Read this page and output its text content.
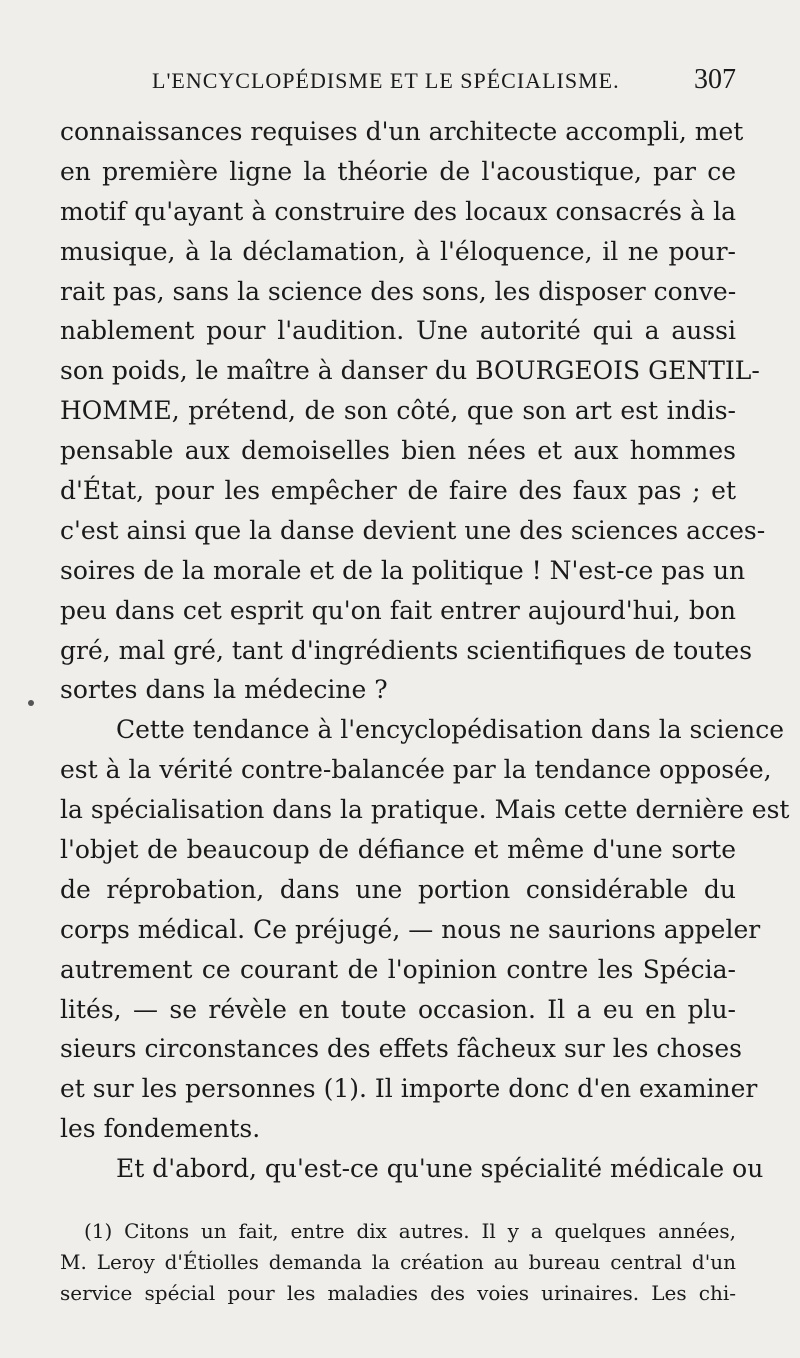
L'ENCYCLOPÉDISME ET LE SPÉCIALISME.	307
connaissances requises d'un architecte accompli, met
en première ligne la théorie de l'acoustique, par ce
motif qu'ayant à construire des locaux consacrés à la
musique, à la déclamation, à l'éloquence, il ne pour-
rait pas, sans la science des sons, les disposer conve-
nablement pour l'audition. Une autorité qui a aussi
son poids, le maître à danser du BOURGEOIS GENTIL-
HOMME, prétend, de son côté, que son art est indis-
pensable aux demoiselles bien nées et aux hommes
d'État, pour les empêcher de faire des faux pas ; et
c'est ainsi que la danse devient une des sciences acces-
soires de la morale et de la politique ! N'est-ce pas un
peu dans cet esprit qu'on fait entrer aujourd'hui, bon
gré, mal gré, tant d'ingrédients scientifiques de toutes
sortes dans la médecine ?
Cette tendance à l'encyclopédisation dans la science
est à la vérité contre-balancée par la tendance opposée,
la spécialisation dans la pratique. Mais cette dernière est
l'objet de beaucoup de défiance et même d'une sorte
de réprobation, dans une portion considérable du
corps médical. Ce préjugé, — nous ne saurions appeler
autrement ce courant de l'opinion contre les Spécia-
lités, — se révèle en toute occasion. Il a eu en plu-
sieurs circonstances des effets fâcheux sur les choses
et sur les personnes (1). Il importe donc d'en examiner
les fondements.
Et d'abord, qu'est-ce qu'une spécialité médicale ou
(1) Citons un fait, entre dix autres. Il y a quelques années,
M. Leroy d'Étiolles demanda la création au bureau central d'un
service spécial pour les maladies des voies urinaires. Les chi-
